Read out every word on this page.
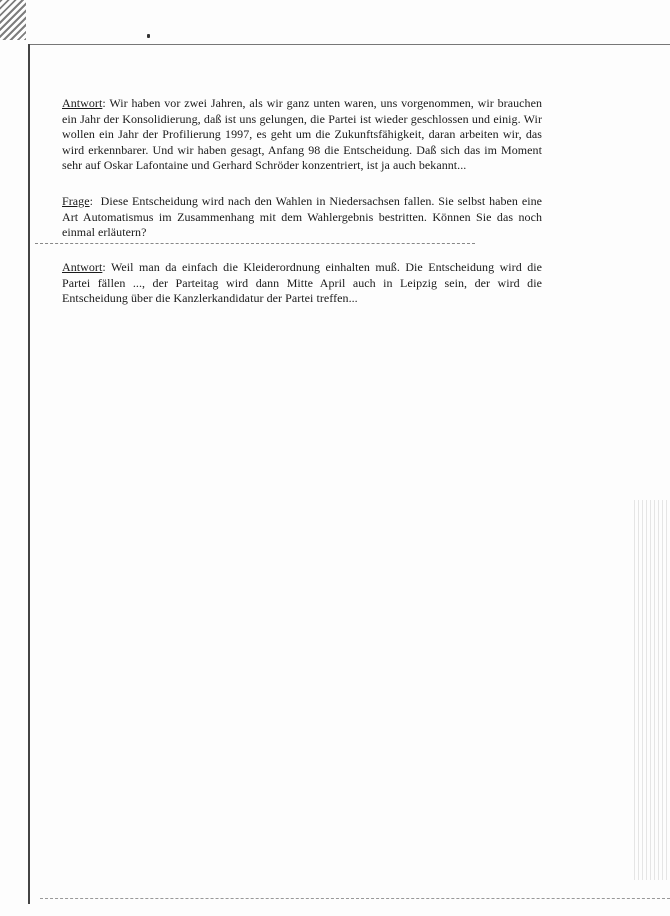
Antwort: Wir haben vor zwei Jahren, als wir ganz unten waren, uns vorgenommen, wir brauchen ein Jahr der Konsolidierung, daß ist uns gelungen, die Partei ist wieder geschlossen und einig. Wir wollen ein Jahr der Profilierung 1997, es geht um die Zukunftsfähigkeit, daran arbeiten wir, das wird erkennbarer. Und wir haben gesagt, Anfang 98 die Entscheidung. Daß sich das im Moment sehr auf Oskar Lafontaine und Gerhard Schröder konzentriert, ist ja auch bekannt...
Frage:  Diese Entscheidung wird nach den Wahlen in Niedersachsen fallen. Sie selbst haben eine Art Automatismus im Zusammenhang mit dem Wahlergebnis bestritten. Können Sie das noch einmal erläutern?
Antwort: Weil man da einfach die Kleiderordnung einhalten muß. Die Entscheidung wird die Partei fällen ..., der Parteitag wird dann Mitte April auch in Leipzig sein, der wird die Entscheidung über die Kanzlerkandidatur der Partei treffen...
